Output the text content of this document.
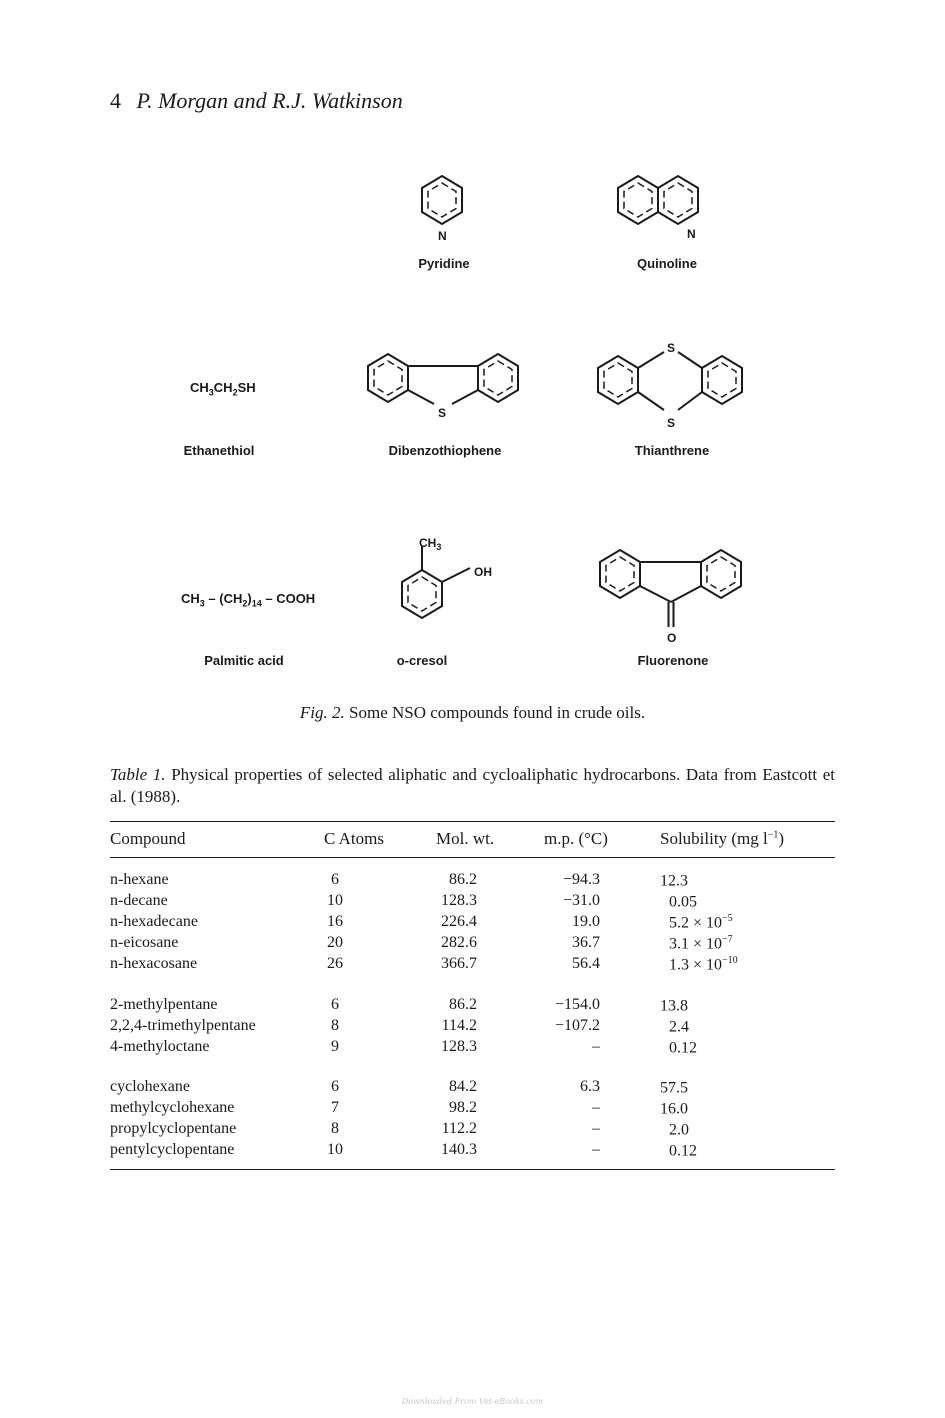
4 P. Morgan and R.J. Watkinson
N
Pyridine
N
Quinoline
$CH_3CH_2SH$
Ethanethiol
S
Dibenzothiophene
S
S
Thianthrene
$CH_3 - (CH_2)_{14}$ – COOH
Palmitic acid
$CH_3$
OH
o-cresol
O
Fluorenone
Fig. 2. Some NSO compounds found in crude oils.
Table 1. Physical properties of selected aliphatic and cycloaliphatic hydrocarbons. Data from Eastcott et al. (1988).
Compound	C Atoms	Mol. wt.	m.p. (°C)	Solubility (mg $l^{-1}$)
n-hexane	6	86.2	−94.3	12.3
n-decane	10	128.3	−31.0	0.05
n-hexadecane	16	226.4	19.0	$5.2 \times 10^{-5}$
n-eicosane	20	282.6	36.7	$3.1 \times 10^{-7}$
n-hexacosane	26	366.7	56.4	$1.3 \times 10^{-10}$
2-methylpentane	6	86.2	−154.0	13.8
2,2,4-trimethylpentane	8	114.2	−107.2	2.4
4-methyloctane	9	128.3	–	0.12
cyclohexane	6	84.2	6.3	57.5
methylcyclohexane	7	98.2	–	16.0
propylcyclopentane	8	112.2	–	2.0
pentylcyclopentane	10	140.3	–	0.12
Downloaded From Vet-eBooks.com
